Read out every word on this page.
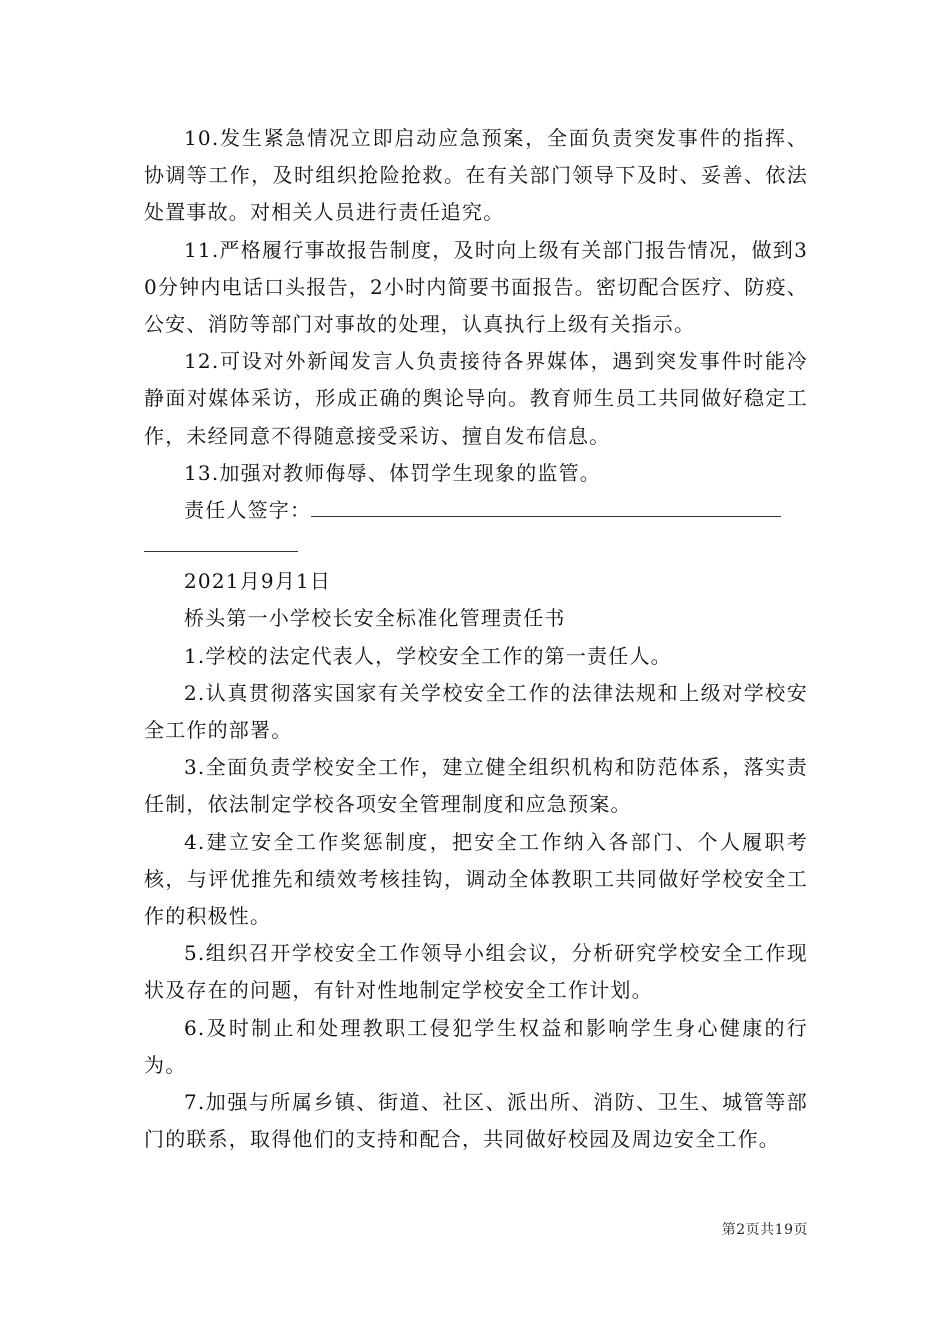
10.发生紧急情况立即启动应急预案，全面负责突发事件的指挥、协调等工作，及时组织抢险抢救。在有关部门领导下及时、妥善、依法处置事故。对相关人员进行责任追究。

11.严格履行事故报告制度，及时向上级有关部门报告情况，做到30分钟内电话口头报告，2小时内简要书面报告。密切配合医疗、防疫、公安、消防等部门对事故的处理，认真执行上级有关指示。

12.可设对外新闻发言人负责接待各界媒体，遇到突发事件时能冷静面对媒体采访，形成正确的舆论导向。教育师生员工共同做好稳定工作，未经同意不得随意接受采访、擅自发布信息。

13.加强对教师侮辱、体罚学生现象的监管。

责任人签字：

2021月9月1日

桥头第一小学校长安全标准化管理责任书

1.学校的法定代表人，学校安全工作的第一责任人。

2.认真贯彻落实国家有关学校安全工作的法律法规和上级对学校安全工作的部署。

3.全面负责学校安全工作，建立健全组织机构和防范体系，落实责任制，依法制定学校各项安全管理制度和应急预案。

4.建立安全工作奖惩制度，把安全工作纳入各部门、个人履职考核，与评优推先和绩效考核挂钩，调动全体教职工共同做好学校安全工作的积极性。

5.组织召开学校安全工作领导小组会议，分析研究学校安全工作现状及存在的问题，有针对性地制定学校安全工作计划。

6.及时制止和处理教职工侵犯学生权益和影响学生身心健康的行为。

7.加强与所属乡镇、街道、社区、派出所、消防、卫生、城管等部门的联系，取得他们的支持和配合，共同做好校园及周边安全工作。

第2页共19页
